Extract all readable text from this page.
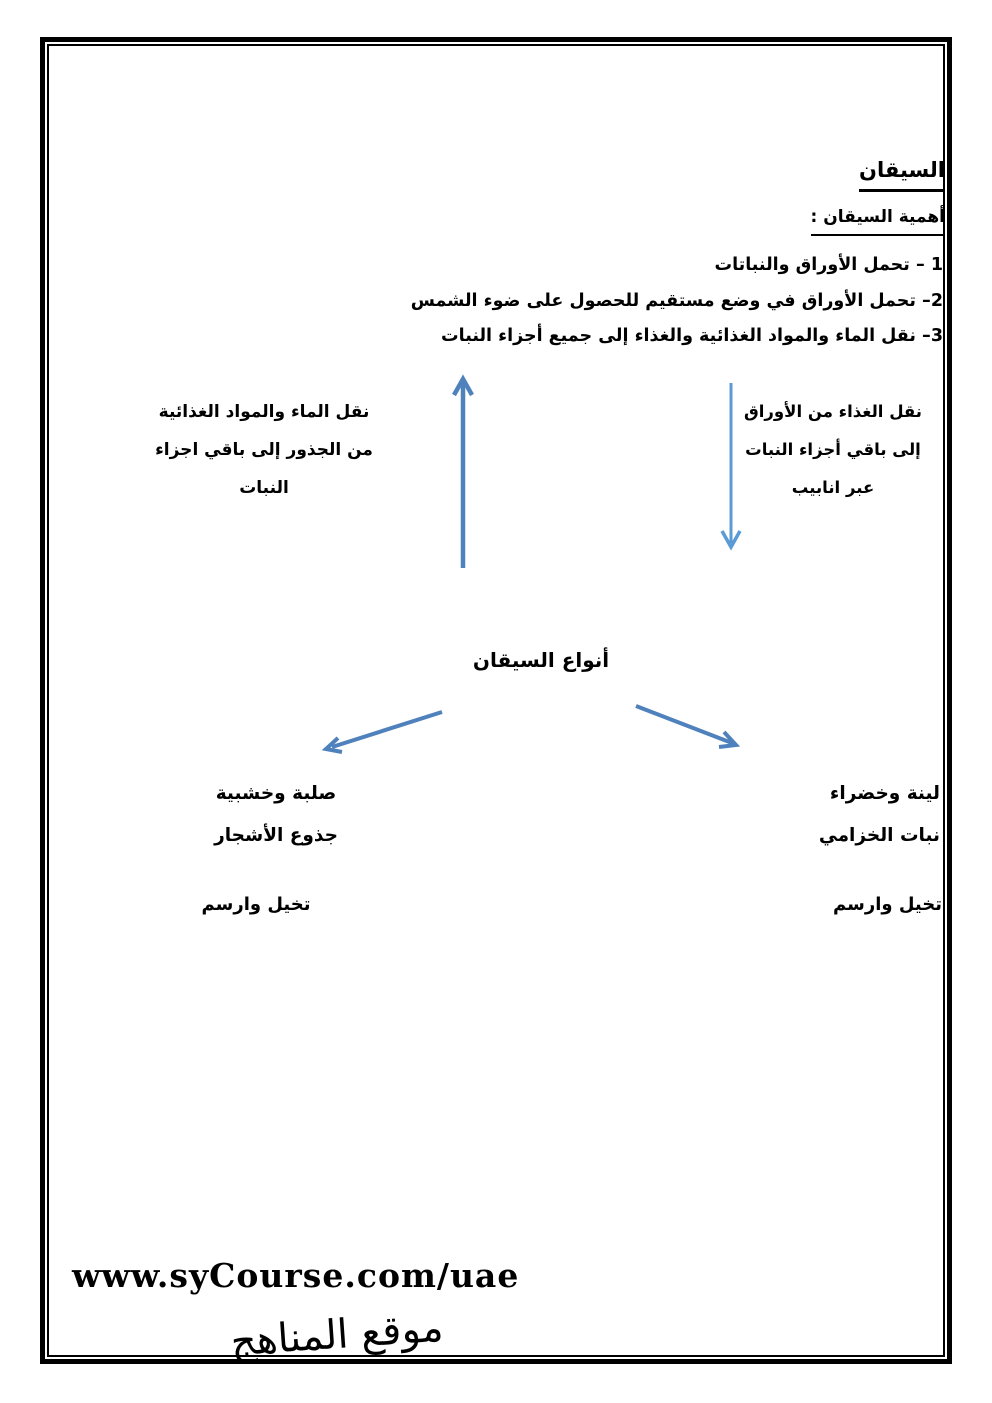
السيقان
أهمية السيقان :
1 – تحمل الأوراق والنباتات
2– تحمل الأوراق في وضع مستقيم للحصول على ضوء الشمس
3– نقل الماء والمواد الغذائية والغذاء إلى جميع أجزاء النبات
نقل الماء والمواد الغذائية
من الجذور إلى باقي اجزاء النبات
نقل الغذاء من الأوراق
إلى باقي أجزاء النبات
عبر انابيب
أنواع السيقان
صلبة وخشبية
جذوع الأشجار
لينة وخضراء
نبات الخزامي
تخيل وارسم	تخيل وارسم
www.syCourse.com/uae
موقع المناهج
